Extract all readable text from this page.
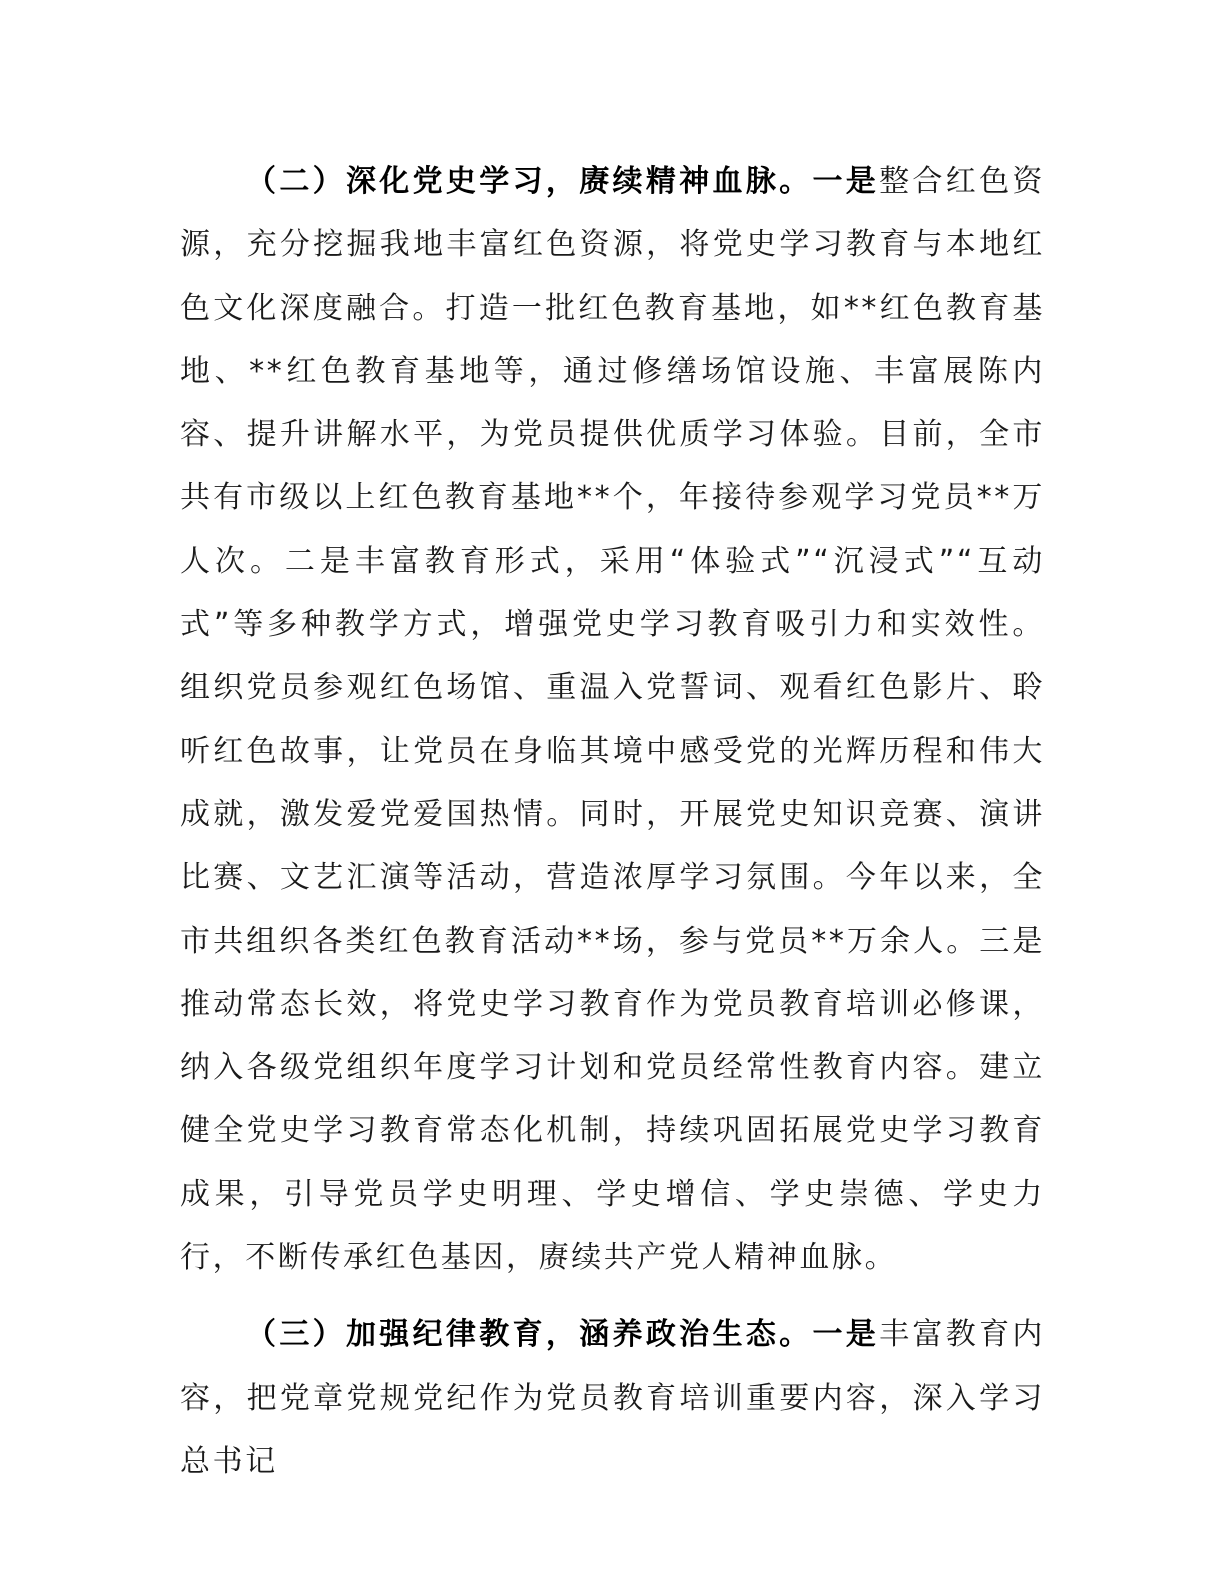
（二）深化党史学习，赓续精神血脉。一是整合红色资源，充分挖掘我地丰富红色资源，将党史学习教育与本地红色文化深度融合。打造一批红色教育基地，如**红色教育基地、**红色教育基地等，通过修缮场馆设施、丰富展陈内容、提升讲解水平，为党员提供优质学习体验。目前，全市共有市级以上红色教育基地**个，年接待参观学习党员**万人次。二是丰富教育形式，采用“体验式”“沉浸式”“互动式”等多种教学方式，增强党史学习教育吸引力和实效性。组织党员参观红色场馆、重温入党誓词、观看红色影片、聆听红色故事，让党员在身临其境中感受党的光辉历程和伟大成就，激发爱党爱国热情。同时，开展党史知识竞赛、演讲比赛、文艺汇演等活动，营造浓厚学习氛围。今年以来，全市共组织各类红色教育活动**场，参与党员**万余人。三是推动常态长效，将党史学习教育作为党员教育培训必修课，纳入各级党组织年度学习计划和党员经常性教育内容。建立健全党史学习教育常态化机制，持续巩固拓展党史学习教育成果，引导党员学史明理、学史增信、学史崇德、学史力行，不断传承红色基因，赓续共产党人精神血脉。

（三）加强纪律教育，涵养政治生态。一是丰富教育内容，把党章党规党纪作为党员教育培训重要内容，深入学习总书记
